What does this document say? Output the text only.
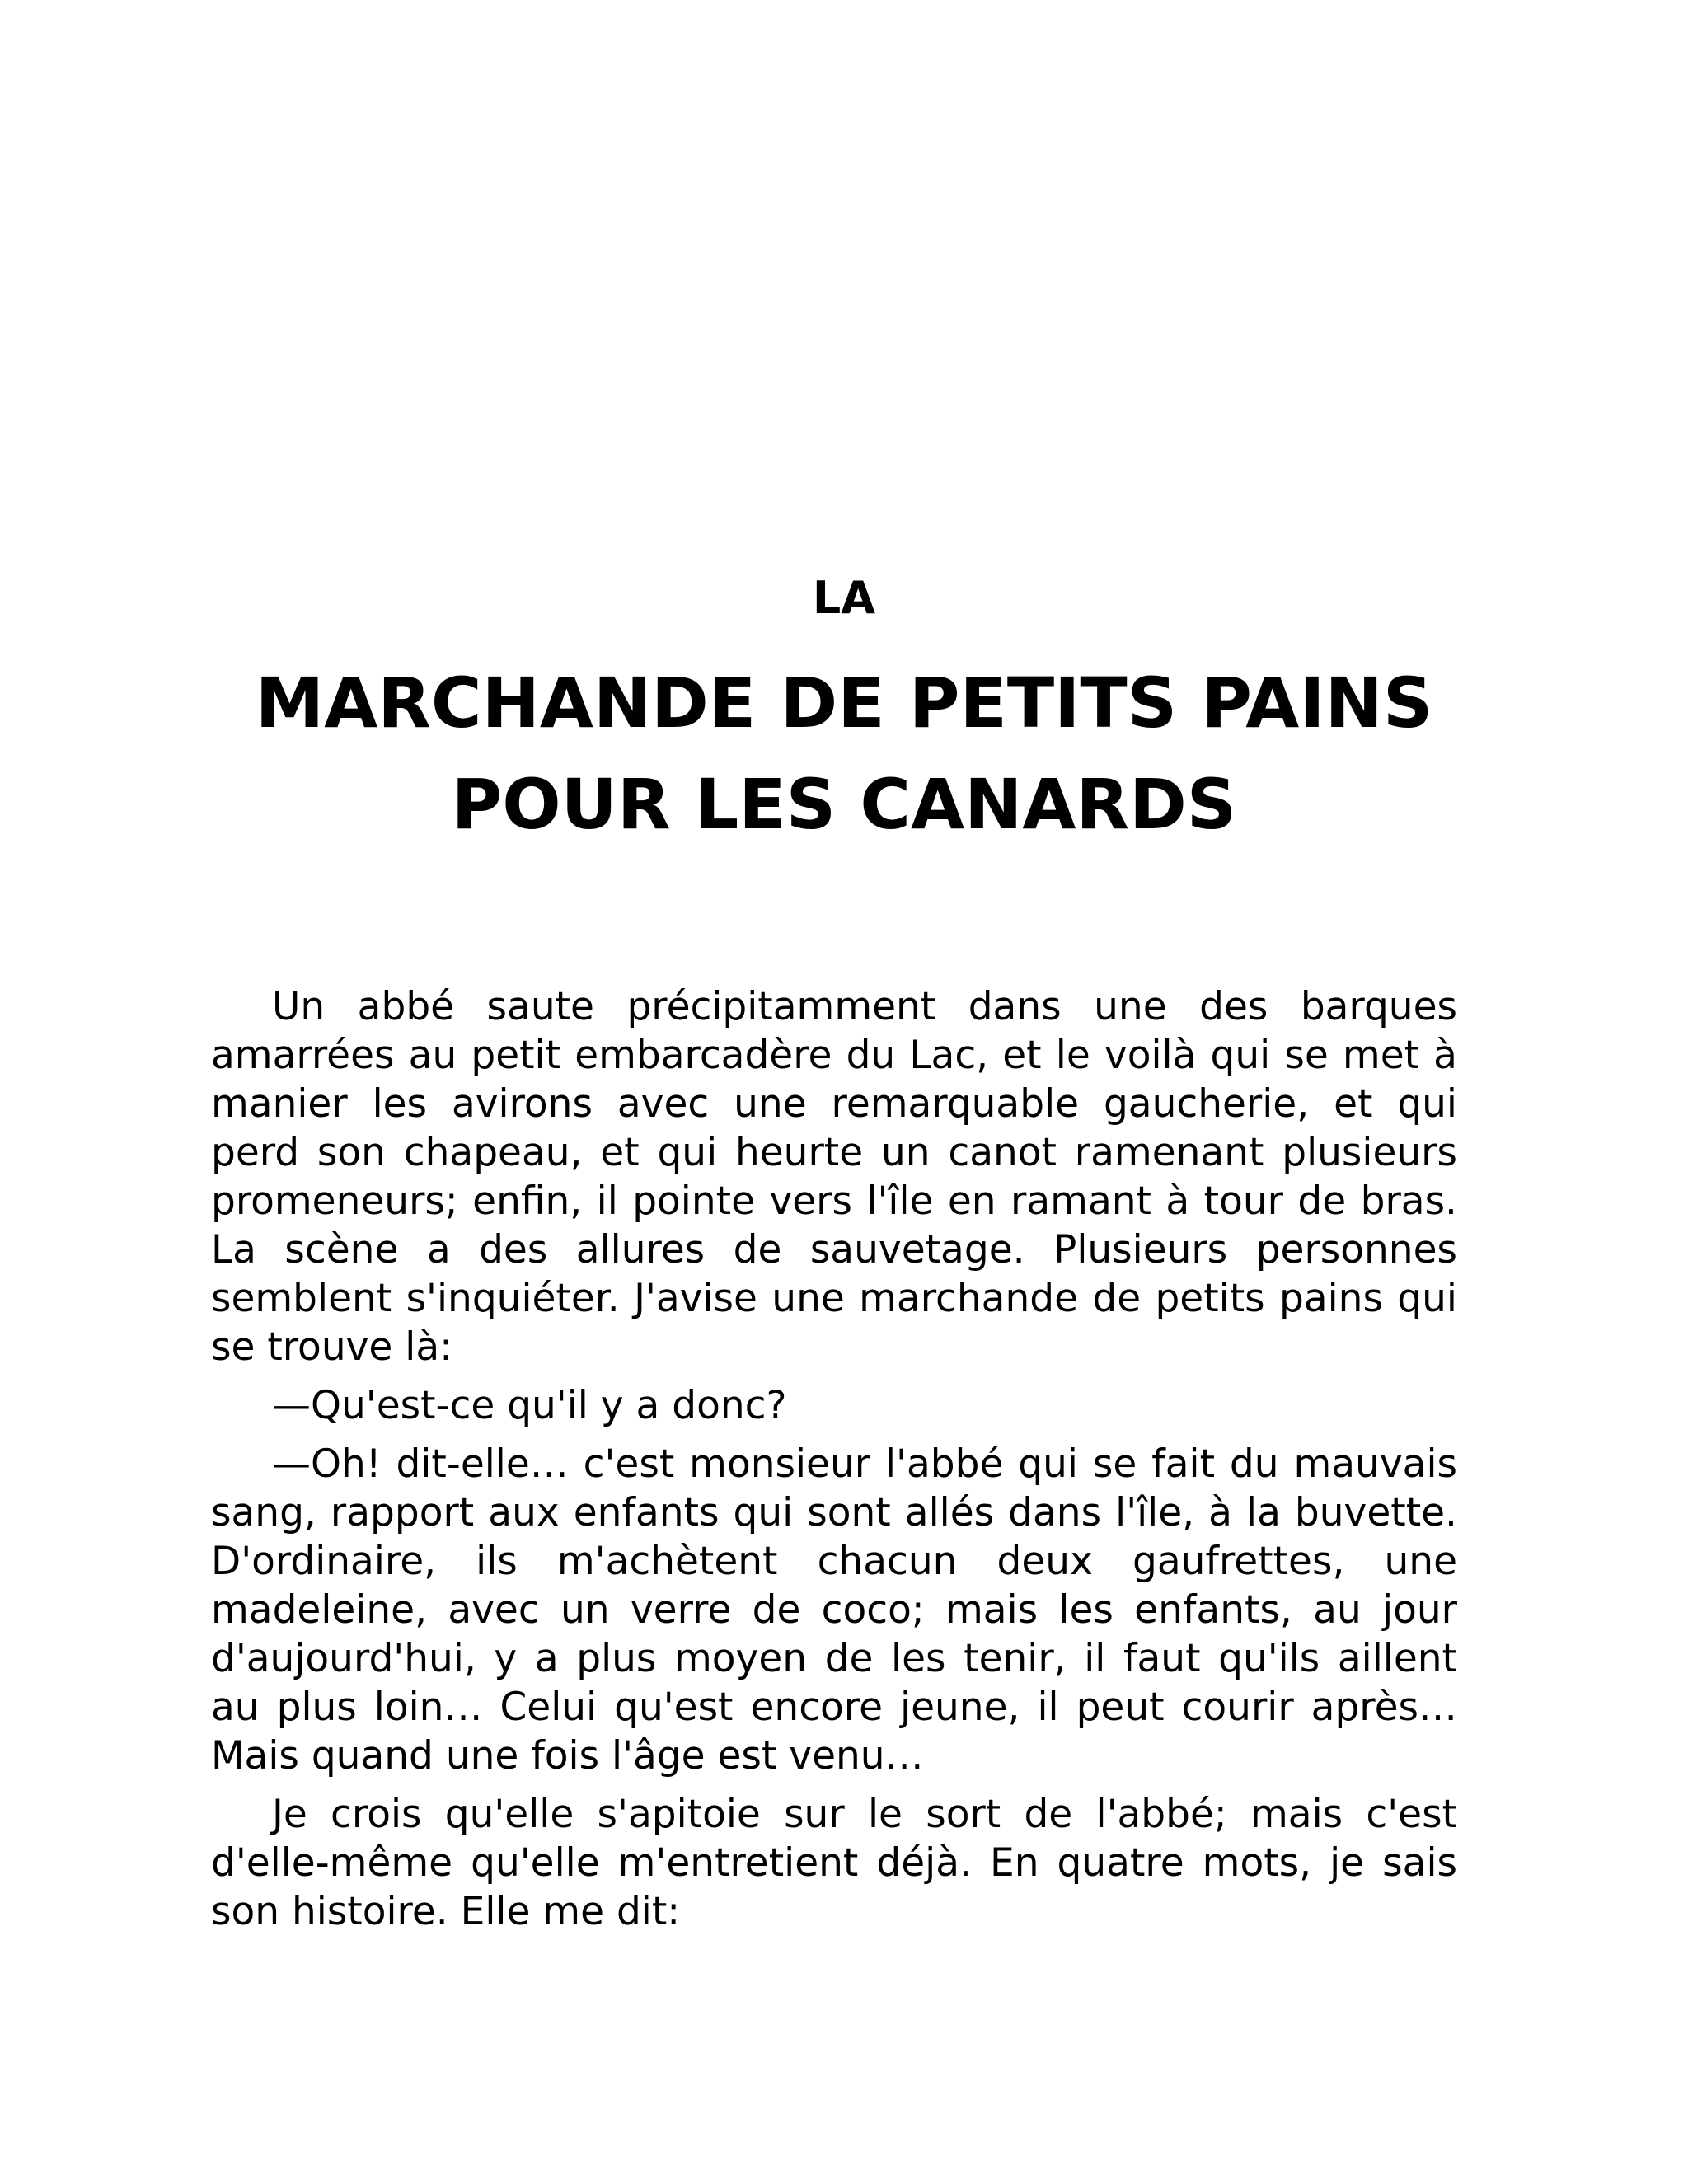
LA
MARCHANDE DE PETITS PAINS
POUR LES CANARDS

Un abbé saute précipitamment dans une des barques amarrées au petit embarcadère du Lac, et le voilà qui se met à manier les avirons avec une remarquable gaucherie, et qui perd son chapeau, et qui heurte un canot ramenant plusieurs promeneurs; enfin, il pointe vers l'île en ramant à tour de bras. La scène a des allures de sauvetage. Plusieurs personnes semblent s'inquiéter. J'avise une marchande de petits pains qui se trouve là:

—Qu'est-ce qu'il y a donc?

—Oh! dit-elle… c'est monsieur l'abbé qui se fait du mauvais sang, rapport aux enfants qui sont allés dans l'île, à la buvette. D'ordinaire, ils m'achètent chacun deux gaufrettes, une madeleine, avec un verre de coco; mais les enfants, au jour d'aujourd'hui, y a plus moyen de les tenir, il faut qu'ils aillent au plus loin… Celui qu'est encore jeune, il peut courir après… Mais quand une fois l'âge est venu…

Je crois qu'elle s'apitoie sur le sort de l'abbé; mais c'est d'elle-même qu'elle m'entretient déjà. En quatre mots, je sais son histoire. Elle me dit:
